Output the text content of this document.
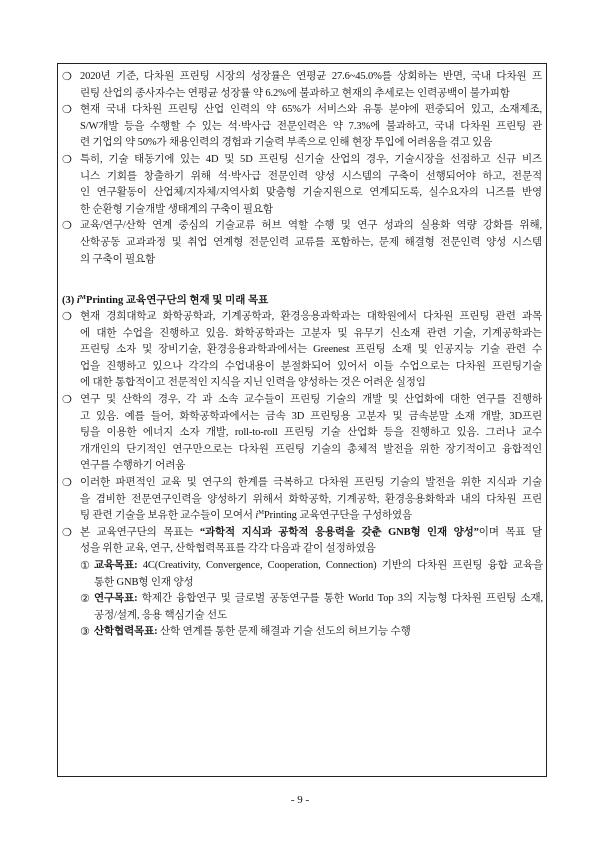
❍ 2020년 기준, 다차원 프린팅 시장의 성장률은 연평균 27.6~45.0%를 상회하는 반면, 국내 다차원 프
린팅 산업의 종사자수는 연평균 성장률 약 6.2%에 불과하고 현재의 추세로는 인력공백이 불가피함
❍ 현재 국내 다차원 프린팅 산업 인력의 약 65%가 서비스와 유통 분야에 편중되어 있고, 소재제조,
S/W개발 등을 수행할 수 있는 석·박사급 전문인력은 약 7.3%에 불과하고, 국내 다차원 프린팅 관
련 기업의 약 50%가 채용인력의 경험과 기술력 부족으로 인해 현장 투입에 어려움을 겪고 있음
❍ 특히, 기술 태동기에 있는 4D 및 5D 프린팅 신기술 산업의 경우, 기술시장을 선점하고 신규 비즈
니스 기회를 창출하기 위해 석·박사급 전문인력 양성 시스템의 구축이 선행되어야 하고, 전문적
인 연구활동이 산업체/지자체/지역사회 맞춤형 기술지원으로 연계되도록, 실수요자의 니즈를 반영
한 순환형 기술개발 생태계의 구축이 필요함
❍ 교육/연구/산학 연계 중심의 기술교류 허브 역할 수행 및 연구 성과의 실용화 역량 강화를 위해,
산학공동 교과과정 및 취업 연계형 전문인력 교류를 포함하는, 문제 해결형 전문인력 양성 시스템
의 구축이 필요함
(3) $i^MPrinting$ 교육연구단의 현재 및 미래 목표
❍ 현재 경희대학교 화학공학과, 기계공학과, 환경응용과학과는 대학원에서 다차원 프린팅 관련 과목
에 대한 수업을 진행하고 있음. 화학공학과는 고분자 및 유무기 신소재 관련 기술, 기계공학과는
프린팅 소자 및 장비기술, 환경응용과학과에서는 Greenest 프린팅 소재 및 인공지능 기술 관련 수
업을 진행하고 있으나 각각의 수업내용이 분절화되어 있어서 이들 수업으로는 다차원 프린팅기술
에 대한 통합적이고 전문적인 지식을 지닌 인력을 양성하는 것은 어려운 실정임
❍ 연구 및 산학의 경우, 각 과 소속 교수들이 프린팅 기술의 개발 및 산업화에 대한 연구를 진행하
고 있음. 예를 들어, 화학공학과에서는 금속 3D 프린팅용 고분자 및 금속분말 소재 개발, 3D프린
팅을 이용한 에너지 소자 개발, roll-to-roll 프린팅 기술 산업화 등을 진행하고 있음. 그러나 교수
개개인의 단기적인 연구만으로는 다차원 프린팅 기술의 총체적 발전을 위한 장기적이고 융합적인
연구를 수행하기 어려움
❍ 이러한 파편적인 교육 및 연구의 한계를 극복하고 다차원 프린팅 기술의 발전을 위한 지식과 기술
을 겸비한 전문연구인력을 양성하기 위해서 화학공학, 기계공학, 환경응용화학과 내의 다차원 프린
팅 관련 기술을 보유한 교수들이 모여서 $i^MPrinting$ 교육연구단을 구성하였음
❍ 본 교육연구단의 목표는 “과학적 지식과 공학적 응용력을 갖춘 GNB형 인재 양성”이며 목표 달
성을 위한 교육, 연구, 산학협력목표를 각각 다음과 같이 설정하였음
① 교육목표: 4C(Creativity, Convergence, Cooperation, Connection) 기반의 다차원 프린팅 융합 교육을
통한 GNB형 인재 양성
② 연구목표: 학제간 융합연구 및 글로벌 공동연구를 통한 World Top 3의 지능형 다차원 프린팅 소재,
공정/설계, 응용 핵심기술 선도
③ 산학협력목표: 산학 연계를 통한 문제 해결과 기술 선도의 허브기능 수행
- 9 -
